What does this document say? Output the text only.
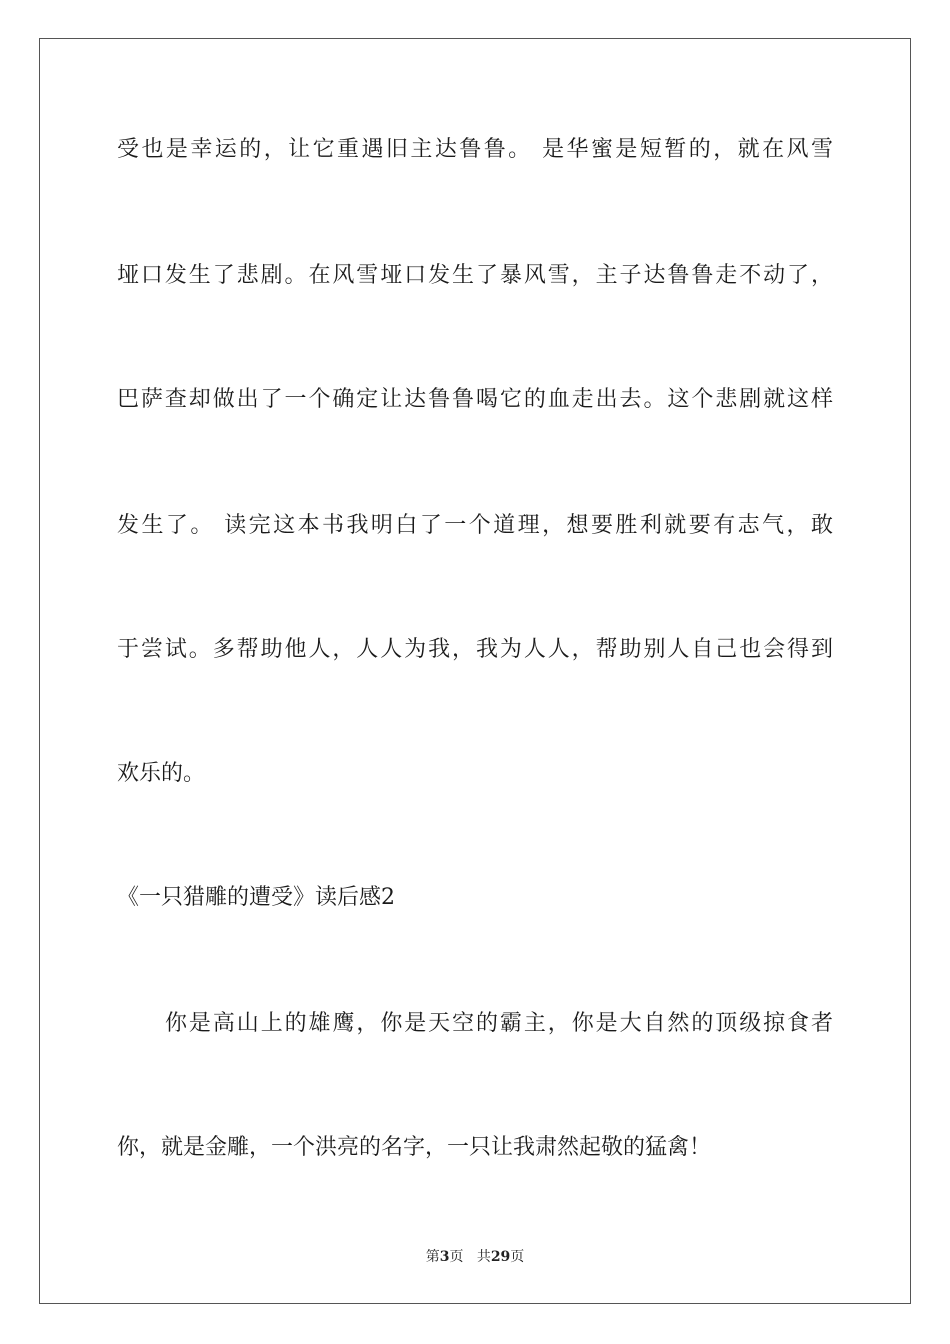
受也是幸运的，让它重遇旧主达鲁鲁。 是华蜜是短暂的，就在风雪
垭口发生了悲剧。在风雪垭口发生了暴风雪，主子达鲁鲁走不动了，
巴萨查却做出了一个确定让达鲁鲁喝它的血走出去。这个悲剧就这样
发生了。 读完这本书我明白了一个道理，想要胜利就要有志气，敢
于尝试。多帮助他人，人人为我，我为人人，帮助别人自己也会得到
欢乐的。
《一只猎雕的遭受》读后感2
你是高山上的雄鹰，你是天空的霸主，你是大自然的顶级掠食者
你，就是金雕，一个洪亮的名字，一只让我肃然起敬的猛禽！
第3页 共29页
